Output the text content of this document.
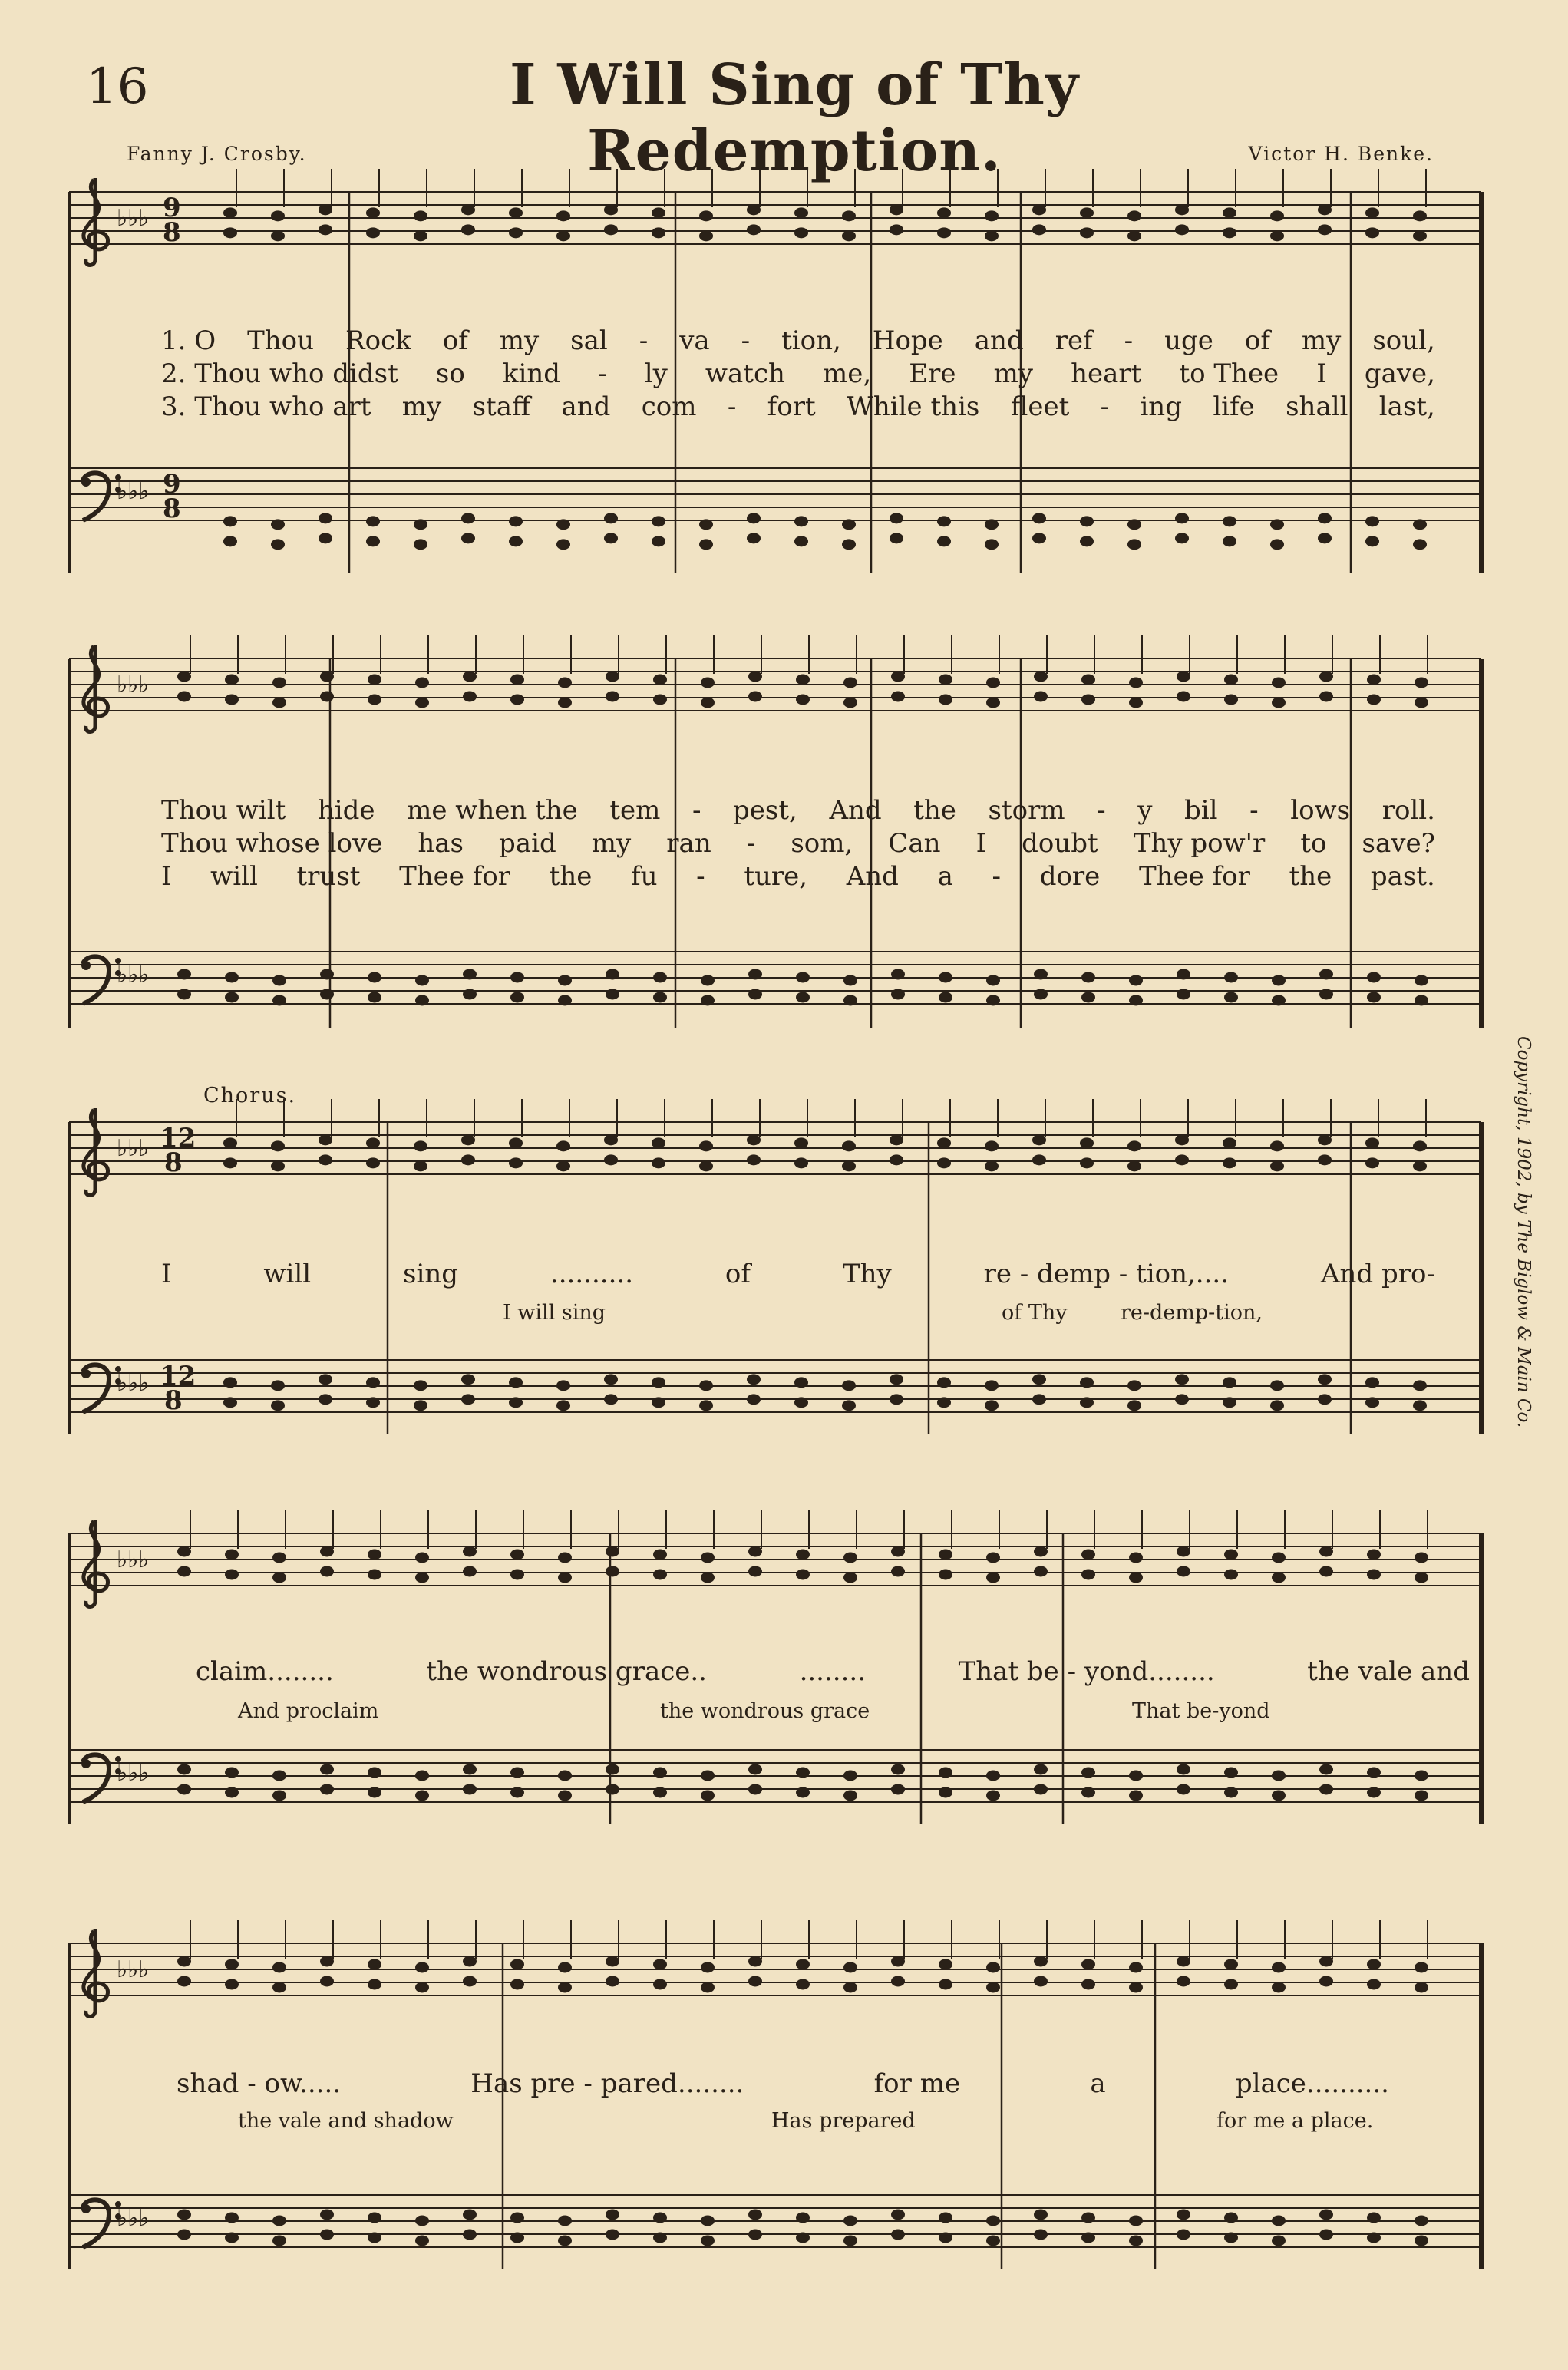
16	I Will Sing of Thy Redemption.
Fanny J. Crosby.	Victor H. Benke.
Chorus.	Copyright, 1902, by The Biglow & Main Co.
♭♭♭ 9
8
♭♭♭ 9
8
♭♭♭
♭♭♭
♭♭♭ 12
8
♭♭♭ 12
8
♭♭♭
♭♭♭
♭♭♭
♭♭♭
1. O Thou Rock of my sal - va - tion, Hope and ref - uge of my soul,
2. Thou who didst so kind - ly watch me, Ere my heart to Thee I gave,
3. Thou who art my staff and com - fort While this fleet - ing life shall last,
Thou wilt hide me when the tem - pest, And the storm - y bil - lows roll.
Thou whose love has paid my ran - som, Can I doubt Thy pow'r to save?
I will trust Thee for the fu - ture, And a - dore Thee for the past.
I	will	sing	..........	of	Thy	re - demp - tion,....	And pro-
I will sing	of Thy	re-demp-tion,
claim........	the wondrous grace..	........	That be - yond........	the vale and
And proclaim	the wondrous grace	That be-yond
shad - ow.....	Has pre - pared........	for me	a	place..........
the vale and shadow	Has prepared	for me a place.
